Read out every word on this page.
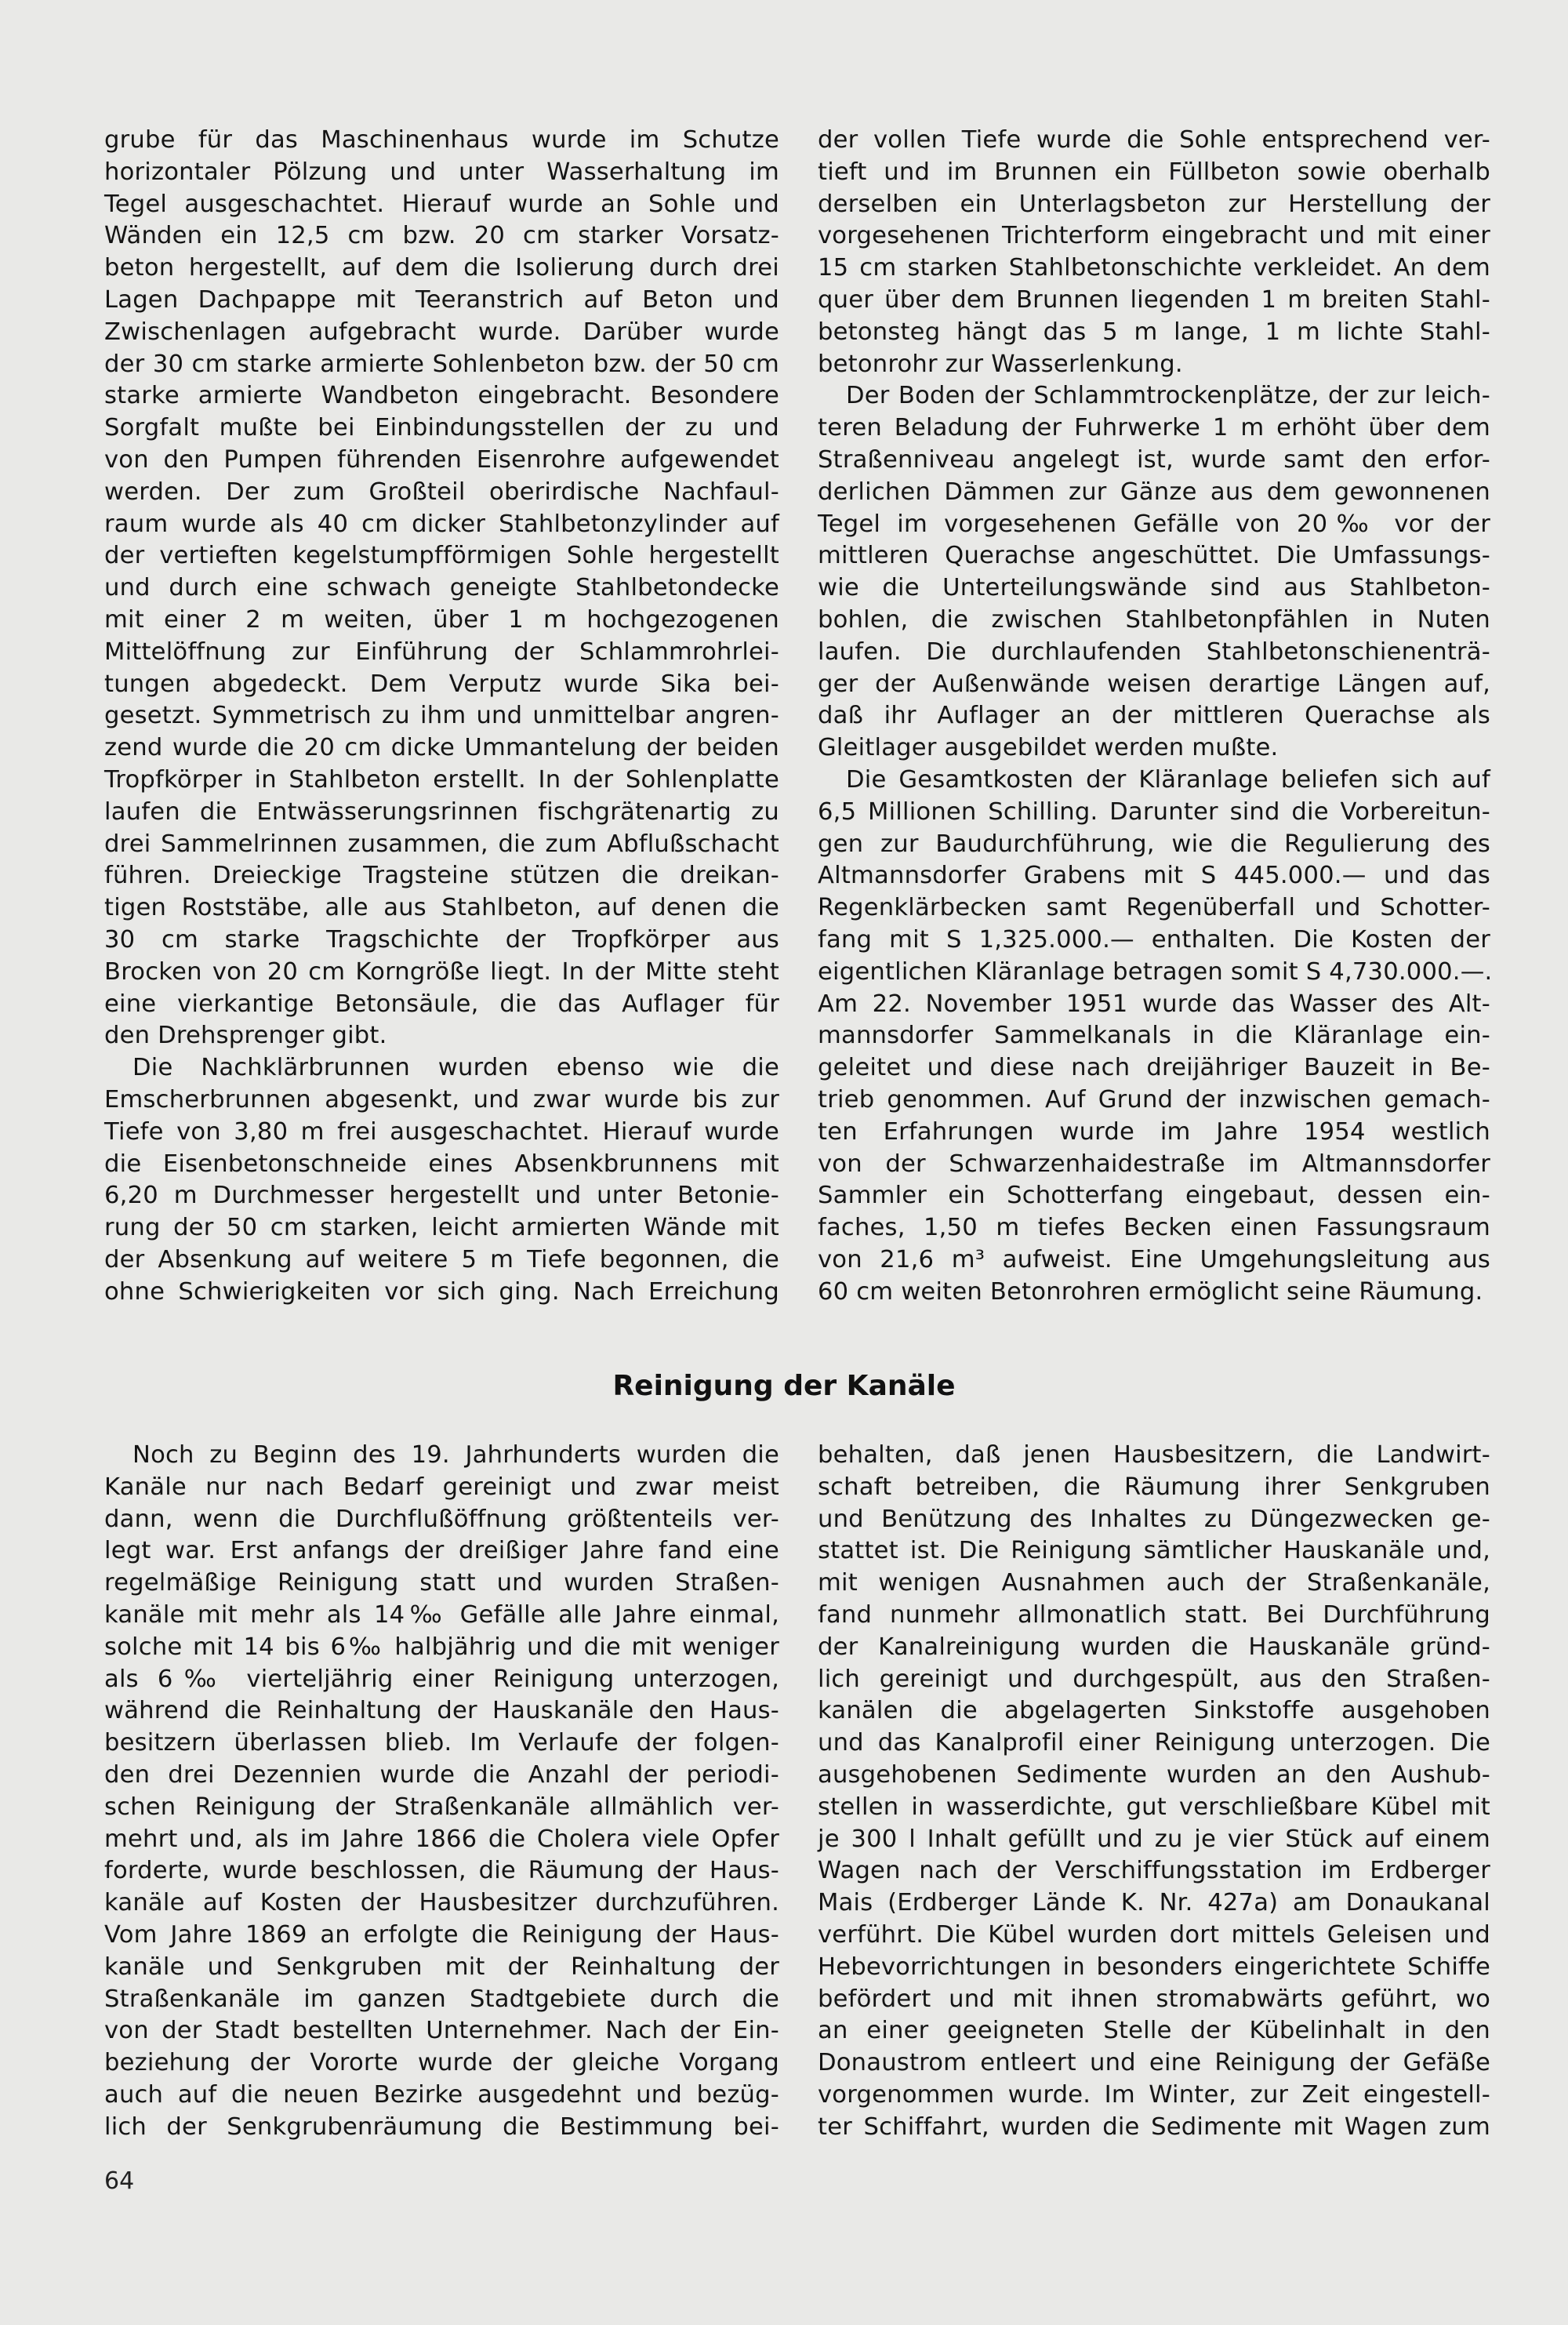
grube für das Maschinenhaus wurde im Schutze

horizontaler Pölzung und unter Wasserhaltung im

Tegel ausgeschachtet. Hierauf wurde an Sohle und

Wänden ein 12,5 cm bzw. 20 cm starker Vorsatz-

beton hergestellt, auf dem die Isolierung durch drei

Lagen Dachpappe mit Teeranstrich auf Beton und

Zwischenlagen aufgebracht wurde. Darüber wurde

der 30 cm starke armierte Sohlenbeton bzw. der 50 cm

starke armierte Wandbeton eingebracht. Besondere

Sorgfalt mußte bei Einbindungsstellen der zu und

von den Pumpen führenden Eisenrohre aufgewendet

werden. Der zum Großteil oberirdische Nachfaul-

raum wurde als 40 cm dicker Stahlbetonzylinder auf

der vertieften kegelstumpfförmigen Sohle hergestellt

und durch eine schwach geneigte Stahlbetondecke

mit einer 2 m weiten, über 1 m hochgezogenen

Mittelöffnung zur Einführung der Schlammrohrlei-

tungen abgedeckt. Dem Verputz wurde Sika bei-

gesetzt. Symmetrisch zu ihm und unmittelbar angren-

zend wurde die 20 cm dicke Ummantelung der beiden

Tropfkörper in Stahlbeton erstellt. In der Sohlenplatte

laufen die Entwässerungsrinnen fischgrätenartig zu

drei Sammelrinnen zusammen, die zum Abflußschacht

führen. Dreieckige Tragsteine stützen die dreikan-

tigen Roststäbe, alle aus Stahlbeton, auf denen die

30 cm starke Tragschichte der Tropfkörper aus

Brocken von 20 cm Korngröße liegt. In der Mitte steht

eine vierkantige Betonsäule, die das Auflager für

den Drehsprenger gibt.

Die Nachklärbrunnen wurden ebenso wie die

Emscherbrunnen abgesenkt, und zwar wurde bis zur

Tiefe von 3,80 m frei ausgeschachtet. Hierauf wurde

die Eisenbetonschneide eines Absenkbrunnens mit

6,20 m Durchmesser hergestellt und unter Betonie-

rung der 50 cm starken, leicht armierten Wände mit

der Absenkung auf weitere 5 m Tiefe begonnen, die

ohne Schwierigkeiten vor sich ging. Nach Erreichung

der vollen Tiefe wurde die Sohle entsprechend ver-

tieft und im Brunnen ein Füllbeton sowie oberhalb

derselben ein Unterlagsbeton zur Herstellung der

vorgesehenen Trichterform eingebracht und mit einer

15 cm starken Stahlbetonschichte verkleidet. An dem

quer über dem Brunnen liegenden 1 m breiten Stahl-

betonsteg hängt das 5 m lange, 1 m lichte Stahl-

betonrohr zur Wasserlenkung.

Der Boden der Schlammtrockenplätze, der zur leich-

teren Beladung der Fuhrwerke 1 m erhöht über dem

Straßenniveau angelegt ist, wurde samt den erfor-

derlichen Dämmen zur Gänze aus dem gewonnenen

Tegel im vorgesehenen Gefälle von 20‰ vor der

mittleren Querachse angeschüttet. Die Umfassungs-

wie die Unterteilungswände sind aus Stahlbeton-

bohlen, die zwischen Stahlbetonpfählen in Nuten

laufen. Die durchlaufenden Stahlbetonschienenträ-

ger der Außenwände weisen derartige Längen auf,

daß ihr Auflager an der mittleren Querachse als

Gleitlager ausgebildet werden mußte.

Die Gesamtkosten der Kläranlage beliefen sich auf

6,5 Millionen Schilling. Darunter sind die Vorbereitun-

gen zur Baudurchführung, wie die Regulierung des

Altmannsdorfer Grabens mit S 445.000.— und das

Regenklärbecken samt Regenüberfall und Schotter-

fang mit S 1,325.000.— enthalten. Die Kosten der

eigentlichen Kläranlage betragen somit S 4,730.000.—.

Am 22. November 1951 wurde das Wasser des Alt-

mannsdorfer Sammelkanals in die Kläranlage ein-

geleitet und diese nach dreijähriger Bauzeit in Be-

trieb genommen. Auf Grund der inzwischen gemach-

ten Erfahrungen wurde im Jahre 1954 westlich

von der Schwarzenhaidestraße im Altmannsdorfer

Sammler ein Schotterfang eingebaut, dessen ein-

faches, 1,50 m tiefes Becken einen Fassungsraum

von 21,6 m³ aufweist. Eine Umgehungsleitung aus

60 cm weiten Betonrohren ermöglicht seine Räumung.

Reinigung der Kanäle

Noch zu Beginn des 19. Jahrhunderts wurden die

Kanäle nur nach Bedarf gereinigt und zwar meist

dann, wenn die Durchflußöffnung größtenteils ver-

legt war. Erst anfangs der dreißiger Jahre fand eine

regelmäßige Reinigung statt und wurden Straßen-

kanäle mit mehr als 14‰ Gefälle alle Jahre einmal,

solche mit 14 bis 6‰ halbjährig und die mit weniger

als 6‰ vierteljährig einer Reinigung unterzogen,

während die Reinhaltung der Hauskanäle den Haus-

besitzern überlassen blieb. Im Verlaufe der folgen-

den drei Dezennien wurde die Anzahl der periodi-

schen Reinigung der Straßenkanäle allmählich ver-

mehrt und, als im Jahre 1866 die Cholera viele Opfer

forderte, wurde beschlossen, die Räumung der Haus-

kanäle auf Kosten der Hausbesitzer durchzuführen.

Vom Jahre 1869 an erfolgte die Reinigung der Haus-

kanäle und Senkgruben mit der Reinhaltung der

Straßenkanäle im ganzen Stadtgebiete durch die

von der Stadt bestellten Unternehmer. Nach der Ein-

beziehung der Vororte wurde der gleiche Vorgang

auch auf die neuen Bezirke ausgedehnt und bezüg-

lich der Senkgrubenräumung die Bestimmung bei-

behalten, daß jenen Hausbesitzern, die Landwirt-

schaft betreiben, die Räumung ihrer Senkgruben

und Benützung des Inhaltes zu Düngezwecken ge-

stattet ist. Die Reinigung sämtlicher Hauskanäle und,

mit wenigen Ausnahmen auch der Straßenkanäle,

fand nunmehr allmonatlich statt. Bei Durchführung

der Kanalreinigung wurden die Hauskanäle gründ-

lich gereinigt und durchgespült, aus den Straßen-

kanälen die abgelagerten Sinkstoffe ausgehoben

und das Kanalprofil einer Reinigung unterzogen. Die

ausgehobenen Sedimente wurden an den Aushub-

stellen in wasserdichte, gut verschließbare Kübel mit

je 300 l Inhalt gefüllt und zu je vier Stück auf einem

Wagen nach der Verschiffungsstation im Erdberger

Mais (Erdberger Lände K. Nr. 427a) am Donaukanal

verführt. Die Kübel wurden dort mittels Geleisen und

Hebevorrichtungen in besonders eingerichtete Schiffe

befördert und mit ihnen stromabwärts geführt, wo

an einer geeigneten Stelle der Kübelinhalt in den

Donaustrom entleert und eine Reinigung der Gefäße

vorgenommen wurde. Im Winter, zur Zeit eingestell-

ter Schiffahrt, wurden die Sedimente mit Wagen zum

64
